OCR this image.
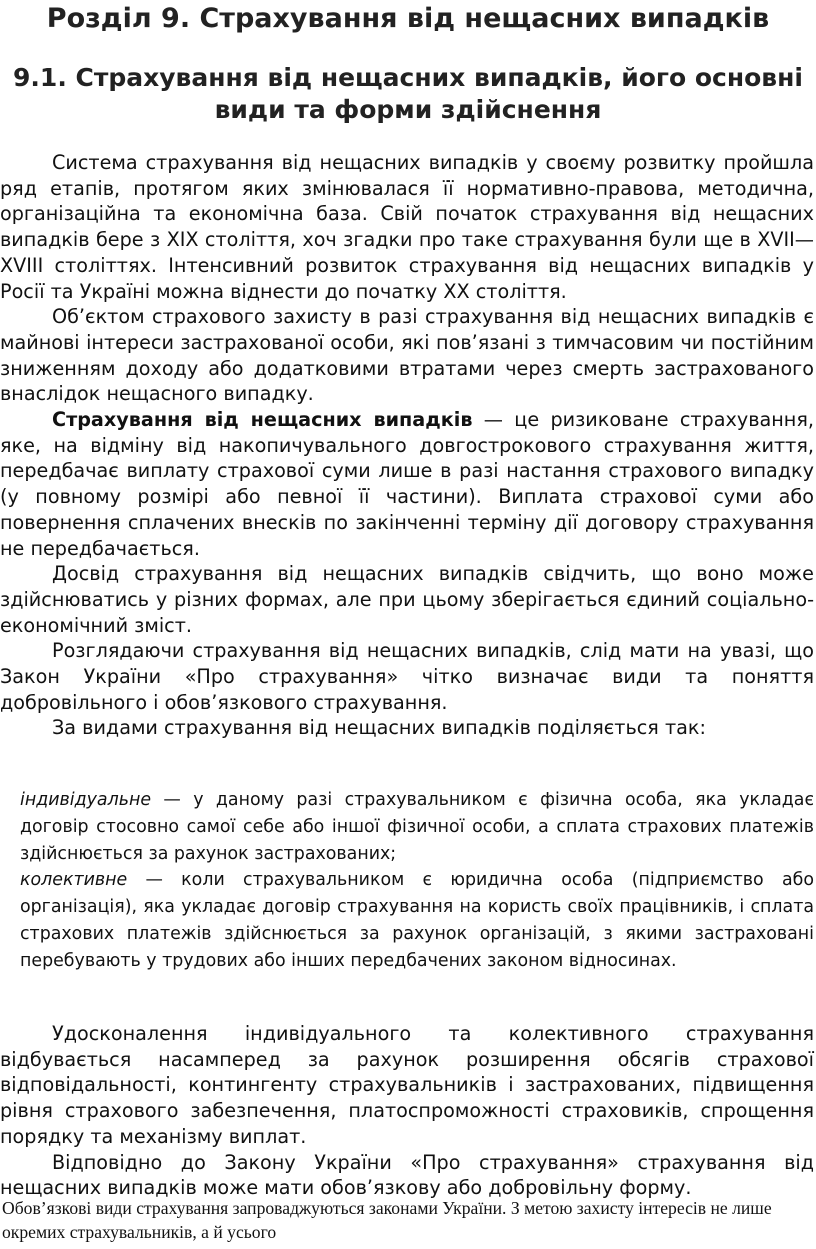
Розділ 9. Страхування від нещасних випадків
9.1. Страхування від нещасних випадків, його основні види та форми здійснення

Система страхування від нещасних випадків у своєму розвитку пройшла ряд етапів, протягом яких змінювалася її нормативно-правова, методична, організаційна та економічна база. Свій початок страхування від нещасних випадків бере з XIX століття, хоч згадки про таке страхування були ще в XVII—XVIII століттях. Інтенсивний розвиток страхування від нещасних випадків у Росії та Україні можна віднести до початку XX століття.

Об’єктом страхового захисту в разі страхування від нещасних випадків є майнові інтереси застрахованої особи, які пов’язані з тимчасовим чи постійним зниженням доходу або додатковими втратами через смерть застрахованого внаслідок нещасного випадку.

Страхування від нещасних випадків — це ризиковане страхування, яке, на відміну від накопичувального довгострокового страхування життя, передбачає виплату страхової суми лише в разі настання страхового випадку (у повному розмірі або певної її частини). Виплата страхової суми або повернення сплачених внесків по закінченні терміну дії договору страхування не передбачається.

Досвід страхування від нещасних випадків свідчить, що воно може здійснюватись у різних формах, але при цьому зберігається єдиний соціально-економічний зміст.

Розглядаючи страхування від нещасних випадків, слід мати на увазі, що Закон України «Про страхування» чітко визначає види та поняття добровільного і обов’язкового страхування.

За видами страхування від нещасних випадків поділяється так:

індивідуальне — у даному разі страхувальником є фізична особа, яка укладає договір стосовно самої себе або іншої фізичної особи, а сплата страхових платежів здійснюється за рахунок застрахованих;

колективне — коли страхувальником є юридична особа (підприємство або організація), яка укладає договір страхування на користь своїх працівників, і сплата страхових платежів здійснюється за рахунок організацій, з якими застраховані перебувають у трудових або інших передбачених законом відносинах.

Удосконалення індивідуального та колективного страхування відбувається насамперед за рахунок розширення обсягів страхової відповідальності, контингенту страхувальників і застрахованих, підвищення рівня страхового забезпечення, платоспроможності страховиків, спрощення порядку та механізму виплат.

Відповідно до Закону України «Про страхування» страхування від нещасних випадків може мати обов’язкову або добровільну форму.

Обов’язкові види страхування запроваджуються законами України. З метою захисту інтересів не лише окремих страхувальників, а й усього
